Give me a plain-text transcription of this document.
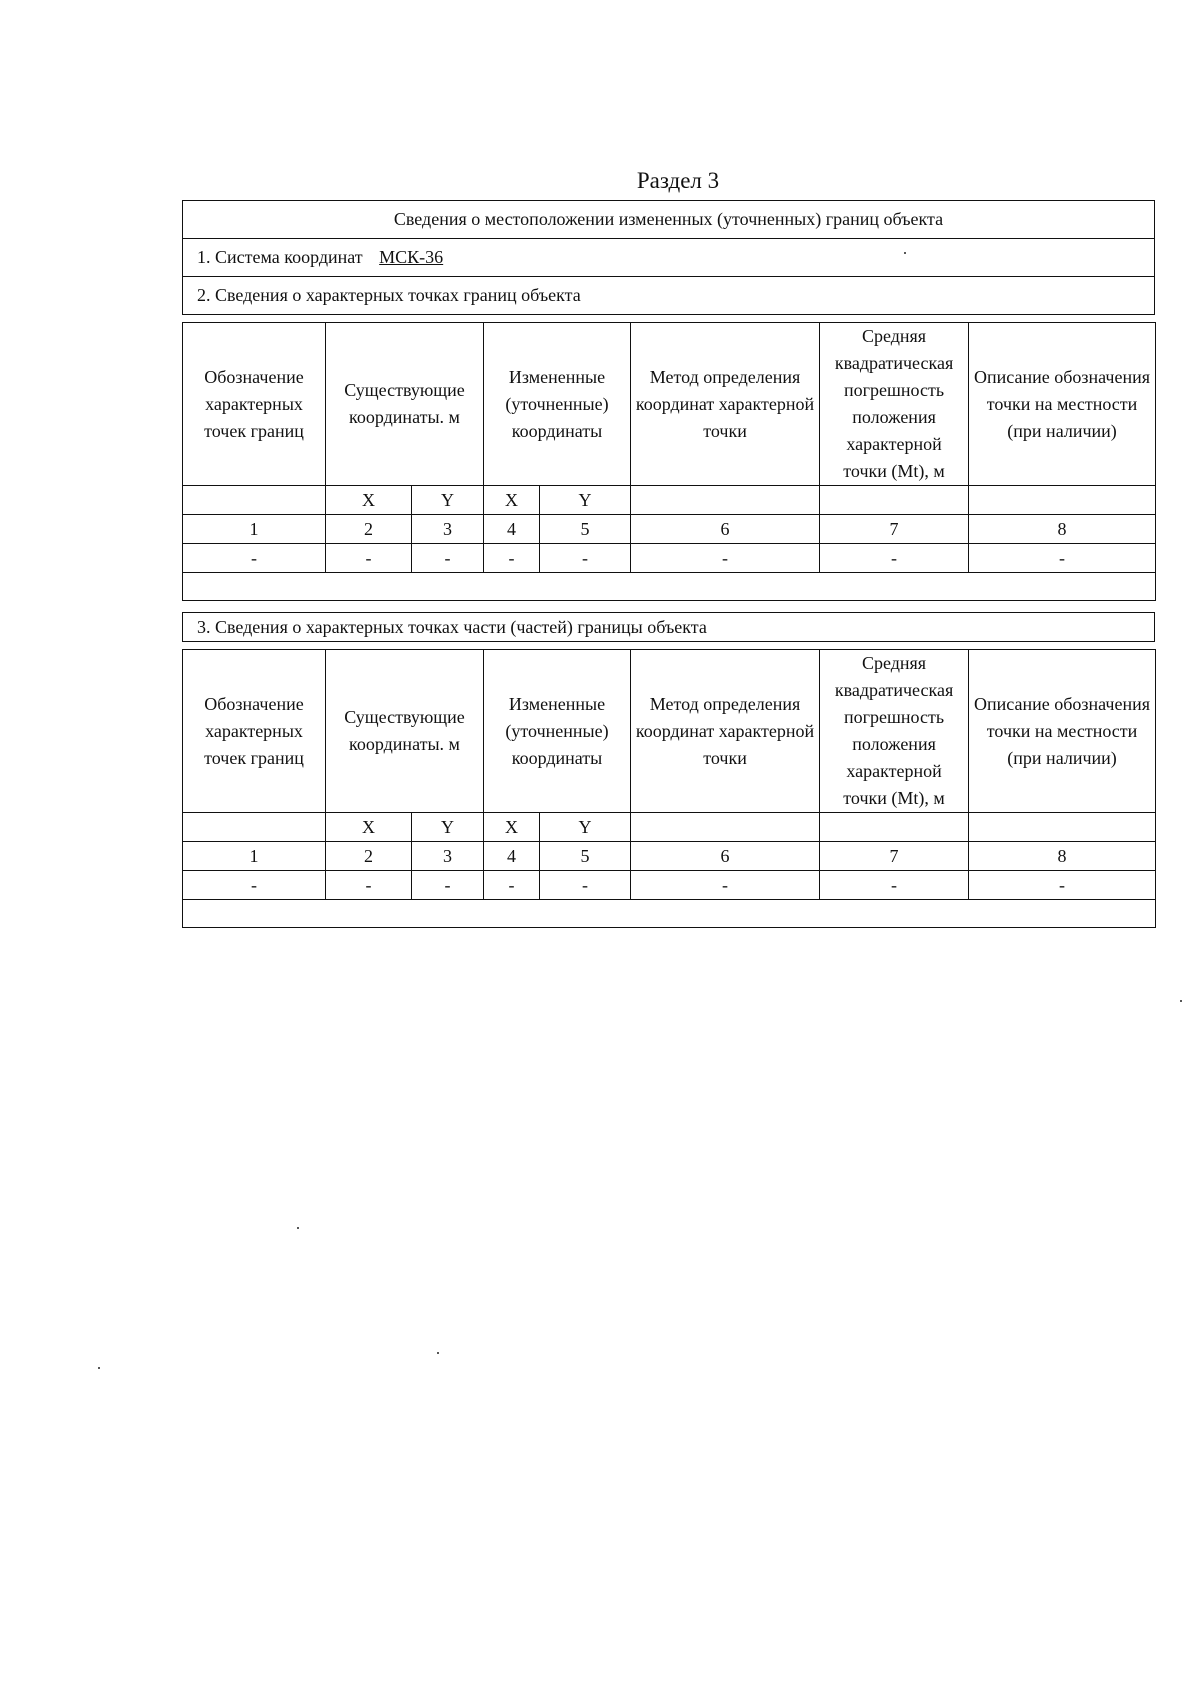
Раздел 3
Сведения о местоположении измененных (уточненных) границ объекта
1. Система координат МСК-36
2. Сведения о характерных точках границ объекта
Обозначение характерных точек границ	Существующие координаты. м		Измененные (уточненные) координаты		Метод определения координат характерной точки	Средняя квадратическая погрешность положения характерной точки (Mt), м	Описание обозначения точки на местности (при наличии)
	X	Y	X	Y			
1	2	3	4	5	6	7	8
-	-	-	-	-	-	-	-

3. Сведения о характерных точках части (частей) границы объекта
Обозначение характерных точек границ	Существующие координаты. м		Измененные (уточненные) координаты		Метод определения координат характерной точки	Средняя квадратическая погрешность положения характерной точки (Mt), м	Описание обозначения точки на местности (при наличии)
	X	Y	X	Y			
1	2	3	4	5	6	7	8
-	-	-	-	-	-	-	-
